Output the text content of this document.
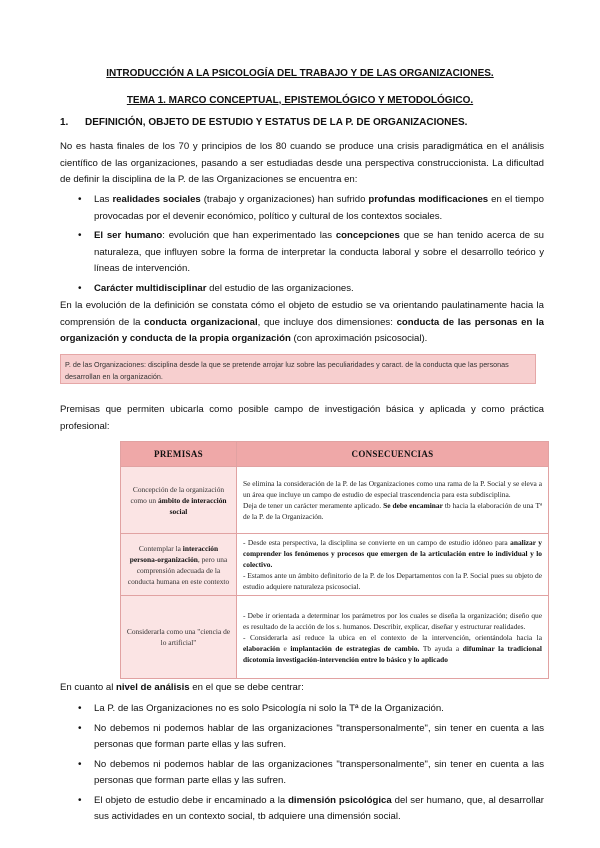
INTRODUCCIÓN A LA PSICOLOGÍA DEL TRABAJO Y DE LAS ORGANIZACIONES.

TEMA 1. MARCO CONCEPTUAL, EPISTEMOLÓGICO Y METODOLÓGICO.

1. DEFINICIÓN, OBJETO DE ESTUDIO Y ESTATUS DE LA P. DE ORGANIZACIONES.

No es hasta finales de los 70 y principios de los 80 cuando se produce una crisis paradigmática en el análisis científico de las organizaciones, pasando a ser estudiadas desde una perspectiva construccionista. La dificultad de definir la disciplina de la P. de las Organizaciones se encuentra en:

• Las realidades sociales (trabajo y organizaciones) han sufrido profundas modificaciones en el tiempo provocadas por el devenir económico, político y cultural de los contextos sociales.
• El ser humano: evolución que han experimentado las concepciones que se han tenido acerca de su naturaleza, que influyen sobre la forma de interpretar la conducta laboral y sobre el desarrollo teórico y líneas de intervención.
• Carácter multidisciplinar del estudio de las organizaciones.

En la evolución de la definición se constata cómo el objeto de estudio se va orientando paulatinamente hacia la comprensión de la conducta organizacional, que incluye dos dimensiones: conducta de las personas en la organización y conducta de la propia organización (con aproximación psicosocial).

P. de las Organizaciones: disciplina desde la que se pretende arrojar luz sobre las peculiaridades y caract. de la conducta que las personas desarrollan en la organización.

Premisas que permiten ubicarla como posible campo de investigación básica y aplicada y como práctica profesional:

PREMISAS	CONSECUENCIAS
Concepción de la organización como un ámbito de interacción social	Se elimina la consideración de la P. de las Organizaciones como una rama de la P. Social y se eleva a un área que incluye un campo de estudio de especial trascendencia para esta subdisciplina.
Deja de tener un carácter meramente aplicado. Se debe encaminar tb hacia la elaboración de una Tª de la P. de la Organización.
Contemplar la interacción persona-organización, pero una comprensión adecuada de la conducta humana en este contexto	- Desde esta perspectiva, la disciplina se convierte en un campo de estudio idóneo para analizar y comprender los fenómenos y procesos que emergen de la articulación entre lo individual y lo colectivo.
- Estamos ante un ámbito definitorio de la P. de los Departamentos con la P. Social pues su objeto de estudio adquiere naturaleza psicosocial.
Considerarla como una "ciencia de lo artificial"	- Debe ir orientada a determinar los parámetros por los cuales se diseña la organización; diseño que es resultado de la acción de los s. humanos. Describir, explicar, diseñar y estructurar realidades.
- Considerarla así reduce la ubica en el contexto de la intervención, orientándola hacia la elaboración e implantación de estrategias de cambio. Tb ayuda a difuminar la tradicional dicotomía investigación-intervención entre lo básico y lo aplicado

En cuanto al nivel de análisis en el que se debe centrar:

• La P. de las Organizaciones no es solo Psicología ni solo la Tª de la Organización.
• No debemos ni podemos hablar de las organizaciones "transpersonalmente", sin tener en cuenta a las personas que forman parte ellas y las sufren.
• No debemos ni podemos hablar de las organizaciones "transpersonalmente", sin tener en cuenta a las personas que forman parte ellas y las sufren.
• El objeto de estudio debe ir encaminado a la dimensión psicológica del ser humano, que, al desarrollar sus actividades en un contexto social, tb adquiere una dimensión social.
